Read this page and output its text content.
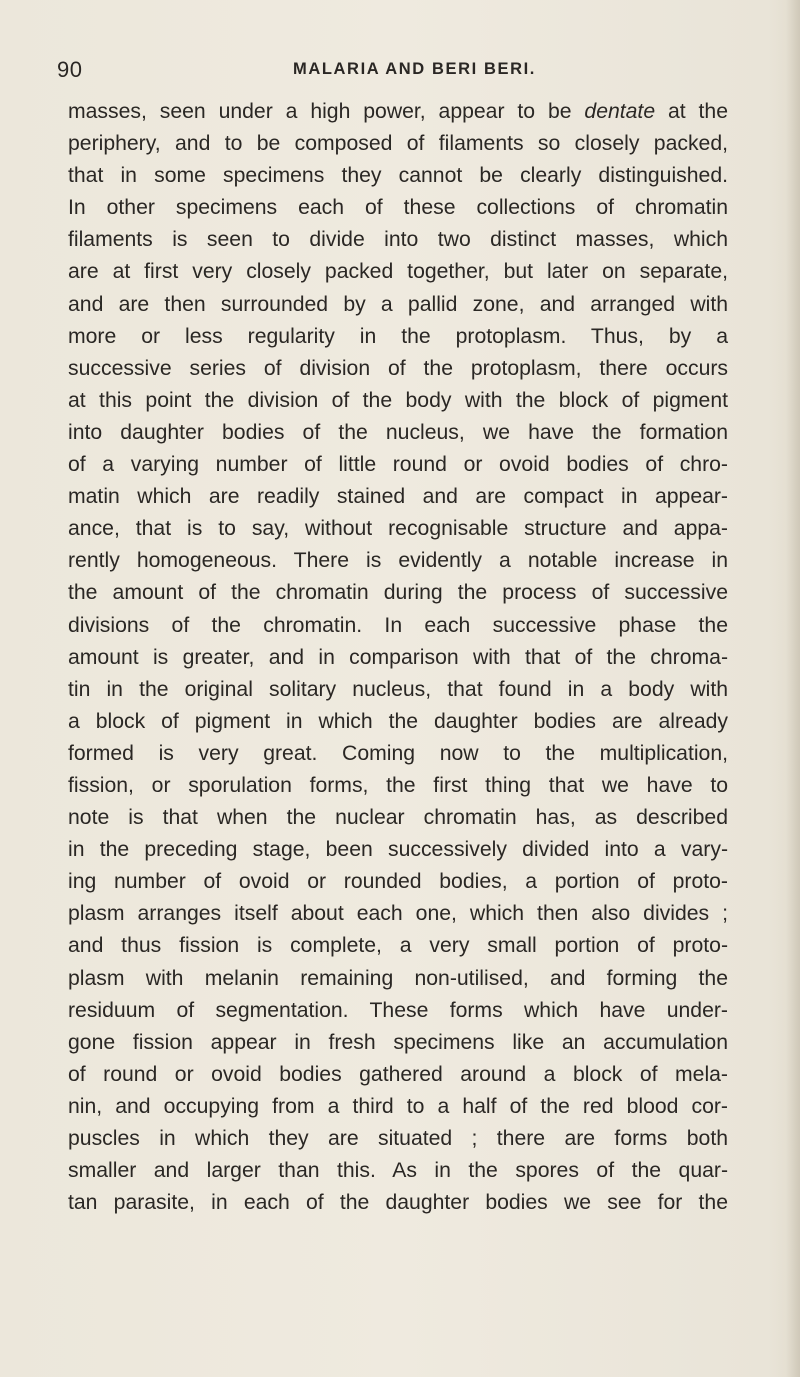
90	MALARIA AND BERI BERI.
masses, seen under a high power, appear to be dentate at the
periphery, and to be composed of filaments so closely packed,
that in some specimens they cannot be clearly distinguished.
In other specimens each of these collections of chromatin
filaments is seen to divide into two distinct masses, which
are at first very closely packed together, but later on separate,
and are then surrounded by a pallid zone, and arranged with
more or less regularity in the protoplasm. Thus, by a
successive series of division of the protoplasm, there occurs
at this point the division of the body with the block of pigment
into daughter bodies of the nucleus, we have the formation
of a varying number of little round or ovoid bodies of chro-
matin which are readily stained and are compact in appear-
ance, that is to say, without recognisable structure and appa-
rently homogeneous. There is evidently a notable increase in
the amount of the chromatin during the process of successive
divisions of the chromatin. In each successive phase the
amount is greater, and in comparison with that of the chroma-
tin in the original solitary nucleus, that found in a body with
a block of pigment in which the daughter bodies are already
formed is very great. Coming now to the multiplication,
fission, or sporulation forms, the first thing that we have to
note is that when the nuclear chromatin has, as described
in the preceding stage, been successively divided into a vary-
ing number of ovoid or rounded bodies, a portion of proto-
plasm arranges itself about each one, which then also divides ;
and thus fission is complete, a very small portion of proto-
plasm with melanin remaining non-utilised, and forming the
residuum of segmentation. These forms which have under-
gone fission appear in fresh specimens like an accumulation
of round or ovoid bodies gathered around a block of mela-
nin, and occupying from a third to a half of the red blood cor-
puscles in which they are situated ; there are forms both
smaller and larger than this. As in the spores of the quar-
tan parasite, in each of the daughter bodies we see for the
